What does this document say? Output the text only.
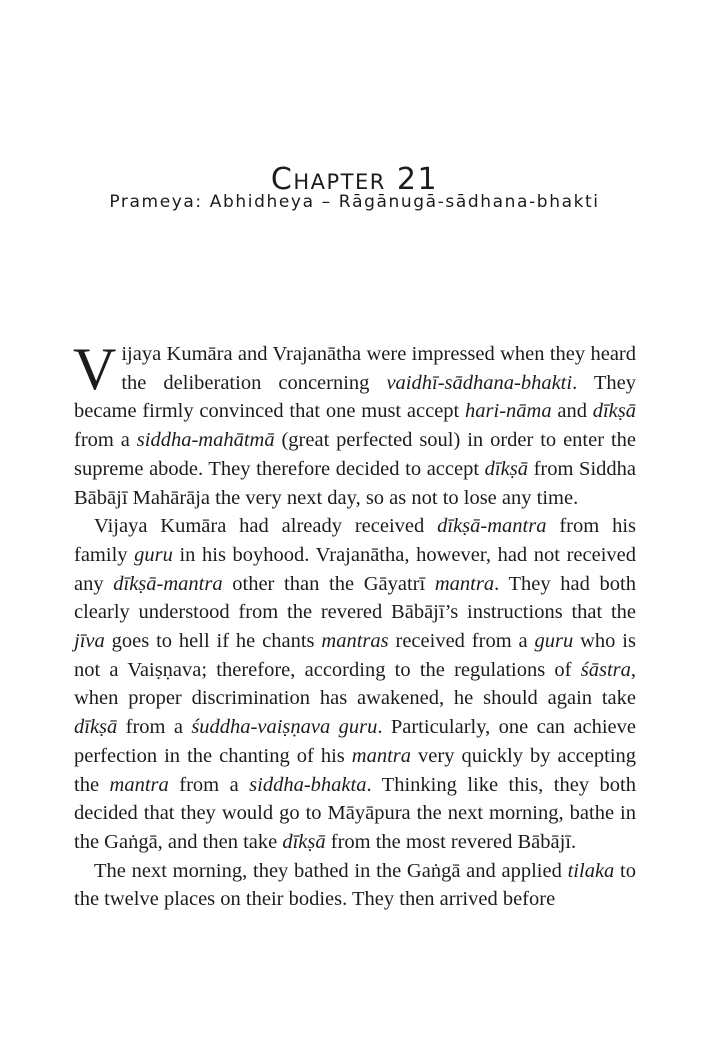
Chapter 21
Prameya: Abhidheya – Rāgānugā-sādhana-bhakti

V ijaya Kumāra and Vrajanātha were impressed when they heard the deliberation concerning vaidhī-sādhana-bhakti. They became firmly convinced that one must accept hari-nāma and dīkṣā from a siddha-mahātmā (great perfected soul) in order to enter the supreme abode. They therefore decided to accept dīkṣā from Siddha Bābājī Mahārāja the very next day, so as not to lose any time.

Vijaya Kumāra had already received dīkṣā-mantra from his family guru in his boyhood. Vrajanātha, however, had not received any dīkṣā-mantra other than the Gāyatrī mantra. They had both clearly understood from the revered Bābājī’s instructions that the jīva goes to hell if he chants mantras received from a guru who is not a Vaiṣṇava; therefore, according to the regulations of śāstra, when proper discrimination has awakened, he should again take dīkṣā from a śuddha-vaiṣṇava guru. Particularly, one can achieve perfection in the chanting of his mantra very quickly by accepting the mantra from a siddha-bhakta. Thinking like this, they both decided that they would go to Māyāpura the next morning, bathe in the Gaṅgā, and then take dīkṣā from the most revered Bābājī.

The next morning, they bathed in the Gaṅgā and applied tilaka to the twelve places on their bodies. They then arrived before
